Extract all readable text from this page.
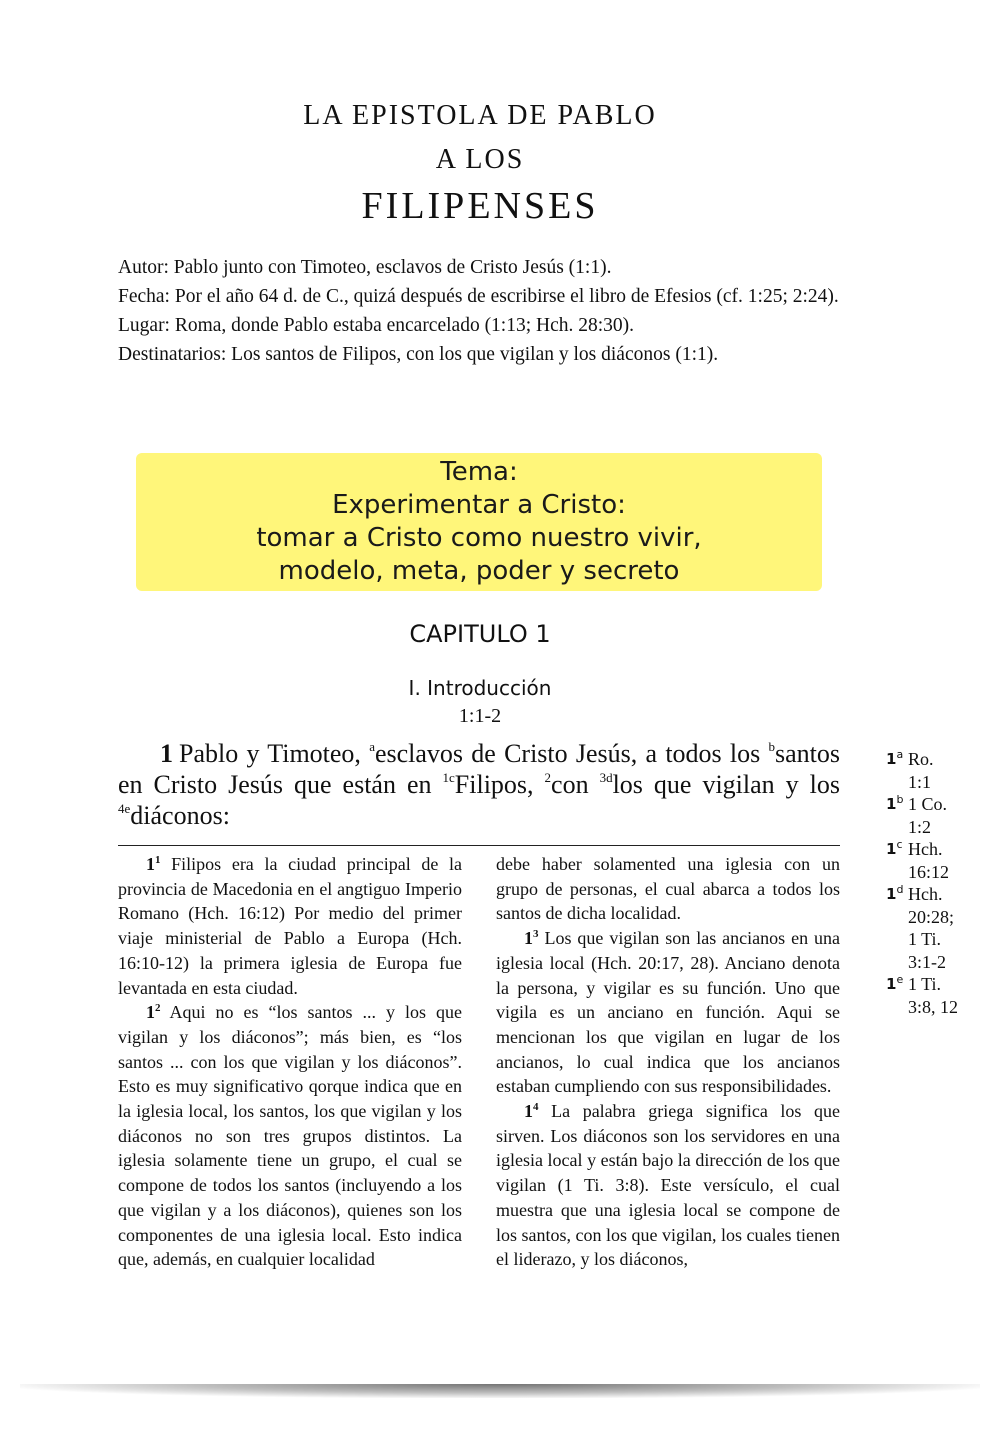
LA EPISTOLA DE PABLO
A LOS
FILIPENSES

Autor: Pablo junto con Timoteo, esclavos de Cristo Jesús (1:1).

Fecha: Por el año 64 d. de C., quizá después de escribirse el libro de Efesios (cf. 1:25; 2:24).

Lugar: Roma, donde Pablo estaba encarcelado (1:13; Hch. 28:30).

Destinatarios: Los santos de Filipos, con los que vigilan y los diáconos (1:1).

Tema:
Experimentar a Cristo:
tomar a Cristo como nuestro vivir,
modelo, meta, poder y secreto
CAPITULO 1
I. Introducción
1:1-2
1 Pablo y Timoteo, $^a$esclavos de Cristo Jesús, a todos los $^b$santos en Cristo Jesús que están en $^{1c}$Filipos, $^2$con $^{3d}$los que vigilan y los $^{4e}$diáconos:

$1^1$ Filipos era la ciudad principal de la provincia de Macedonia en el angtiguo Imperio Romano (Hch. 16:12) Por medio del primer viaje ministerial de Pablo a Europa (Hch. 16:10-12) la primera iglesia de Europa fue levantada en esta ciudad.

$1^2$ Aqui no es “los santos ... y los que vigilan y los diáconos”; más bien, es “los santos ... con los que vigilan y los diáconos”. Esto es muy significativo qorque indica que en la iglesia local, los santos, los que vigilan y los diáconos no son tres grupos distintos. La iglesia solamente tiene un grupo, el cual se compone de todos los santos (incluyendo a los que vigilan y a los diáconos), quienes son los componentes de una iglesia local. Esto indica que, además, en cualquier localidad

debe haber solamented una iglesia con un grupo de personas, el cual abarca a todos los santos de dicha localidad.

$1^3$ Los que vigilan son las ancianos en una iglesia local (Hch. 20:17, 28). Anciano denota la persona, y vigilar es su función. Uno que vigila es un anciano en función. Aqui se mencionan los que vigilan en lugar de los ancianos, lo cual indica que los ancianos estaban cumpliendo con sus responsibilidades.

$1^4$ La palabra griega significa los que sirven. Los diáconos son los servidores en una iglesia local y están bajo la dirección de los que vigilan (1 Ti. 3:8). Este versículo, el cual muestra que una iglesia local se compone de los santos, con los que vigilan, los cuales tienen el liderazo, y los diáconos,

1$^a$ Ro.
1:1
1$^b$ 1 Co.
1:2
1$^c$ Hch.
16:12
1$^d$ Hch.
20:28;
1 Ti.
3:1-2
1e 1 Ti.
3:8, 12
